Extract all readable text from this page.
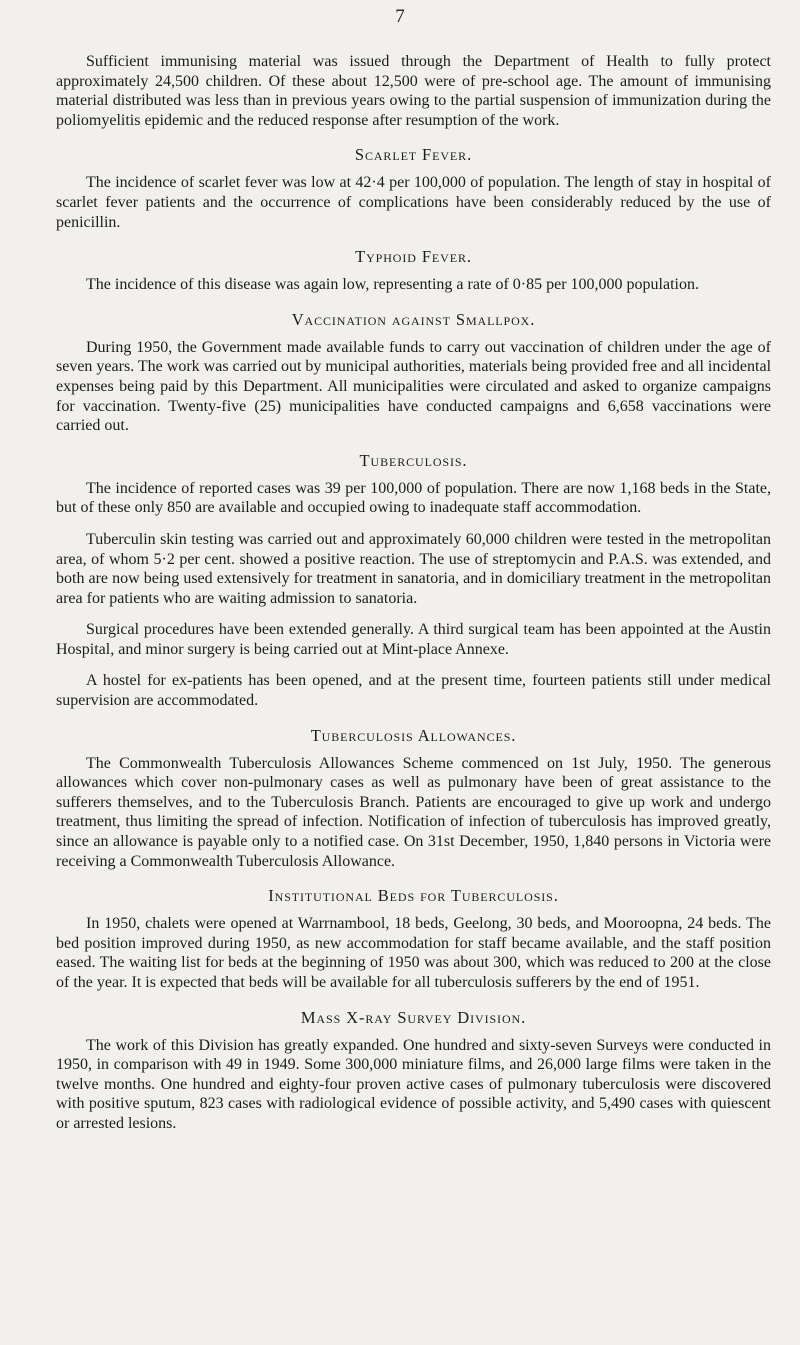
7

Sufficient immunising material was issued through the Department of Health to fully protect approximately 24,500 children. Of these about 12,500 were of pre-school age. The amount of immunising material distributed was less than in previous years owing to the partial suspension of immunization during the poliomyelitis epidemic and the reduced response after resumption of the work.

Scarlet Fever.

The incidence of scarlet fever was low at 42·4 per 100,000 of population. The length of stay in hospital of scarlet fever patients and the occurrence of complications have been considerably reduced by the use of penicillin.

Typhoid Fever.

The incidence of this disease was again low, representing a rate of 0·85 per 100,000 population.

Vaccination against Smallpox.

During 1950, the Government made available funds to carry out vaccination of children under the age of seven years. The work was carried out by municipal authorities, materials being provided free and all incidental expenses being paid by this Department. All municipalities were circulated and asked to organize campaigns for vaccination. Twenty-five (25) municipalities have conducted campaigns and 6,658 vaccinations were carried out.

Tuberculosis.

The incidence of reported cases was 39 per 100,000 of population. There are now 1,168 beds in the State, but of these only 850 are available and occupied owing to inadequate staff accommodation.

Tuberculin skin testing was carried out and approximately 60,000 children were tested in the metropolitan area, of whom 5·2 per cent. showed a positive reaction. The use of streptomycin and P.A.S. was extended, and both are now being used extensively for treatment in sanatoria, and in domiciliary treatment in the metropolitan area for patients who are waiting admission to sanatoria.

Surgical procedures have been extended generally. A third surgical team has been appointed at the Austin Hospital, and minor surgery is being carried out at Mint-place Annexe.

A hostel for ex-patients has been opened, and at the present time, fourteen patients still under medical supervision are accommodated.

Tuberculosis Allowances.

The Commonwealth Tuberculosis Allowances Scheme commenced on 1st July, 1950. The generous allowances which cover non-pulmonary cases as well as pulmonary have been of great assistance to the sufferers themselves, and to the Tuberculosis Branch. Patients are encouraged to give up work and undergo treatment, thus limiting the spread of infection. Notification of infection of tuberculosis has improved greatly, since an allowance is payable only to a notified case. On 31st December, 1950, 1,840 persons in Victoria were receiving a Commonwealth Tuberculosis Allowance.

Institutional Beds for Tuberculosis.

In 1950, chalets were opened at Warrnambool, 18 beds, Geelong, 30 beds, and Mooroopna, 24 beds. The bed position improved during 1950, as new accommodation for staff became available, and the staff position eased. The waiting list for beds at the beginning of 1950 was about 300, which was reduced to 200 at the close of the year. It is expected that beds will be available for all tuberculosis sufferers by the end of 1951.

Mass X-ray Survey Division.

The work of this Division has greatly expanded. One hundred and sixty-seven Surveys were conducted in 1950, in comparison with 49 in 1949. Some 300,000 miniature films, and 26,000 large films were taken in the twelve months. One hundred and eighty-four proven active cases of pulmonary tuberculosis were discovered with positive sputum, 823 cases with radiological evidence of possible activity, and 5,490 cases with quiescent or arrested lesions.
